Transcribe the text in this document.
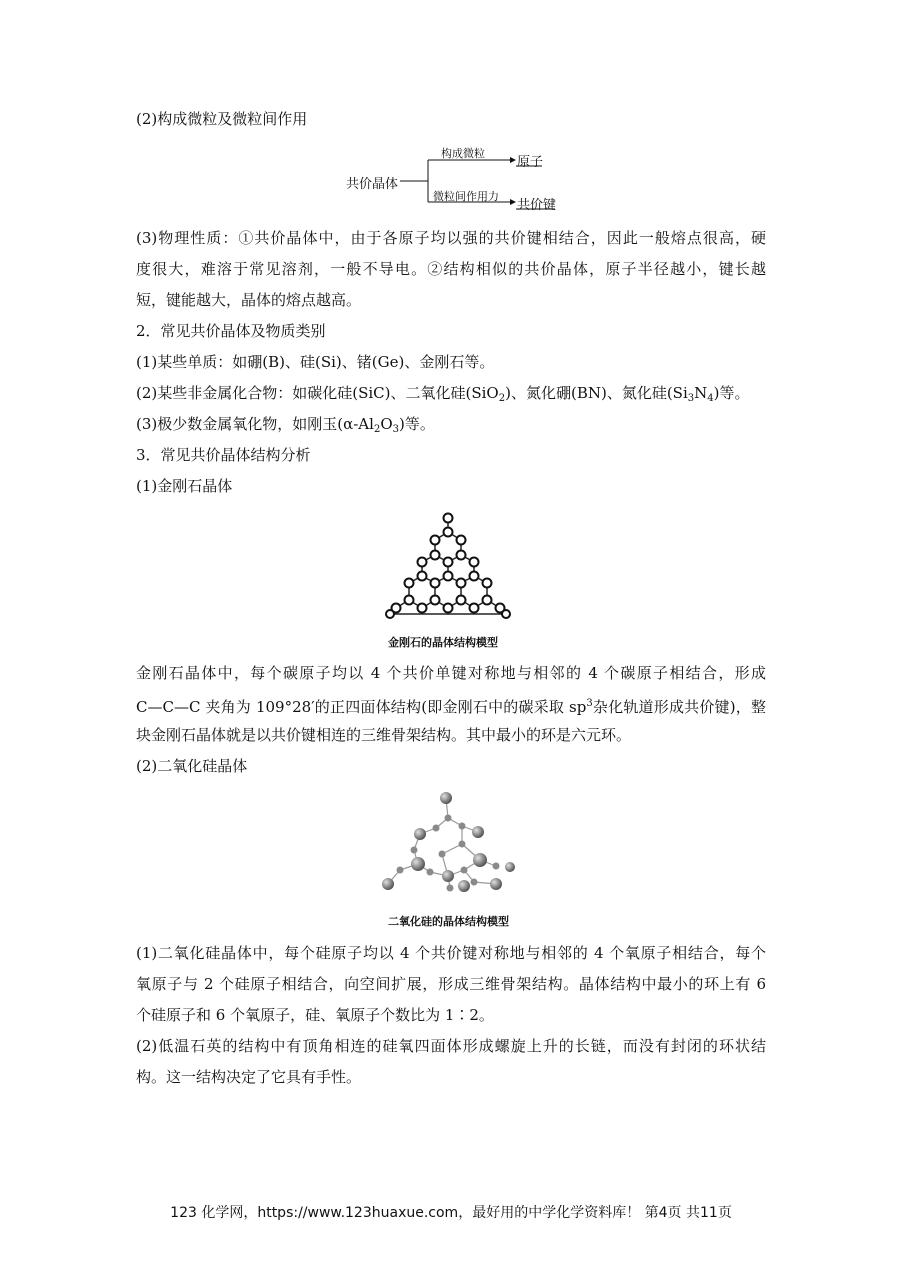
(2)构成微粒及微粒间作用
共价晶体
构成微粒
原子
微粒间作用力
共价键
(3)物理性质：①共价晶体中，由于各原子均以强的共价键相结合，因此一般熔点很高，硬
度很大，难溶于常见溶剂，一般不导电。②结构相似的共价晶体，原子半径越小，键长越
短，键能越大，晶体的熔点越高。
2．常见共价晶体及物质类别
(1)某些单质：如硼(B)、硅(Si)、锗(Ge)、金刚石等。
(2)某些非金属化合物：如碳化硅(SiC)、二氧化硅(SiO$_2$)、氮化硼(BN)、氮化硅$(Si_3N_4)$等。
(3)极少数金属氧化物，如刚玉$(\alpha-Al_2O_3)$等。
3．常见共价晶体结构分析
(1)金刚石晶体
金刚石的晶体结构模型
金刚石晶体中，每个碳原子均以 4 个共价单键对称地与相邻的 4 个碳原子相结合，形成
C—C—C 夹角为 109°28′的正四面体结构(即金刚石中的碳采取 $sp^3$杂化轨道形成共价键)，整
块金刚石晶体就是以共价键相连的三维骨架结构。其中最小的环是六元环。
(2)二氧化硅晶体
二氧化硅的晶体结构模型
(1)二氧化硅晶体中，每个硅原子均以 4 个共价键对称地与相邻的 4 个氧原子相结合，每个
氧原子与 2 个硅原子相结合，向空间扩展，形成三维骨架结构。晶体结构中最小的环上有 6
个硅原子和 6 个氧原子，硅、氧原子个数比为 1∶2。
(2)低温石英的结构中有顶角相连的硅氧四面体形成螺旋上升的长链，而没有封闭的环状结
构。这一结构决定了它具有手性。
123 化学网，https://www.123huaxue.com，最好用的中学化学资料库！ 第4页 共11页
